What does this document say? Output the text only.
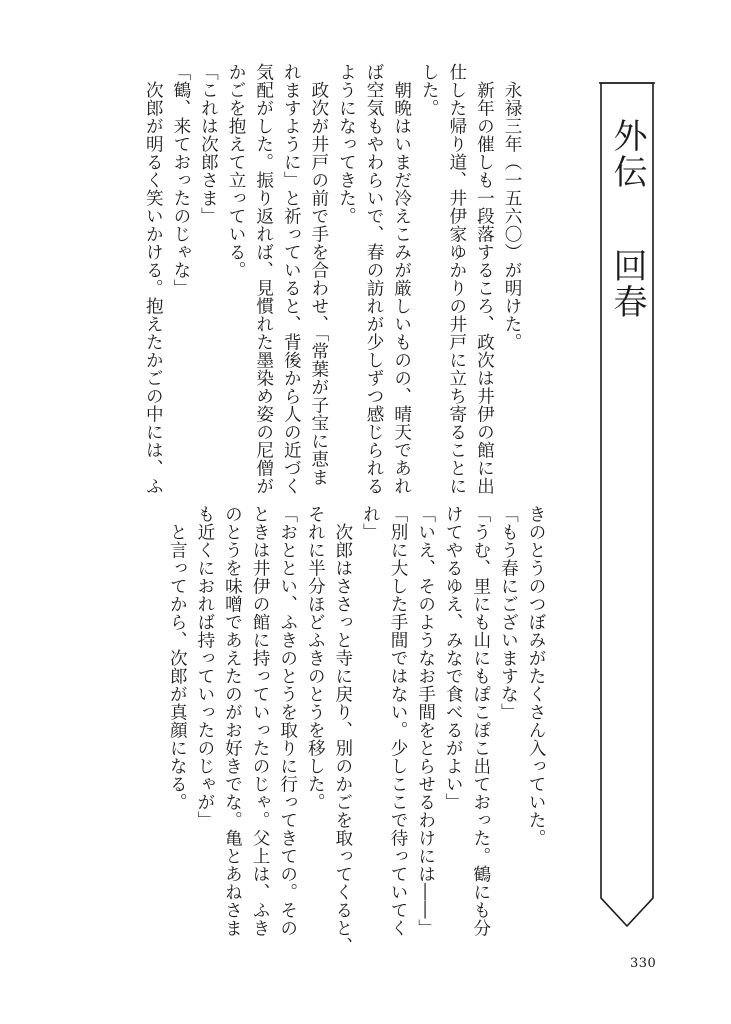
外伝回春
永禄三年（一五六〇）が明けた。
新年の催しも一段落するころ、政次は井伊の館に出
仕した帰り道、井伊家ゆかりの井戸に立ち寄ることに
した。
朝晩はいまだ冷えこみが厳しいものの、晴天であれ
ば空気もやわらいで、春の訪れが少しずつ感じられる
ようになってきた。
政次が井戸の前で手を合わせ、「常葉が子宝に恵ま
れますように」と祈っていると、背後から人の近づく
気配がした。振り返れば、見慣れた墨染め姿の尼僧が
かごを抱えて立っている。
「これは次郎さま」
「鶴、来ておったのじゃな」
次郎が明るく笑いかける。抱えたかごの中には、ふ
きのとうのつぼみがたくさん入っていた。
「もう春にございますな」
「うむ、里にも山にもぽこぽこ出ておった。鶴にも分
けてやるゆえ、みなで食べるがよい」
「いえ、そのようなお手間をとらせるわけには――」
「別に大した手間ではない。少しここで待っていてく
れ」
次郎はささっと寺に戻り、別のかごを取ってくると、
それに半分ほどふきのとうを移した。
「おととい、ふきのとうを取りに行ってきての。その
ときは井伊の館に持っていったのじゃ。父上は、ふき
のとうを味噌であえたのがお好きでな。亀とあねさま
も近くにおれば持っていったのじゃが」
と言ってから、次郎が真顔になる。
330
